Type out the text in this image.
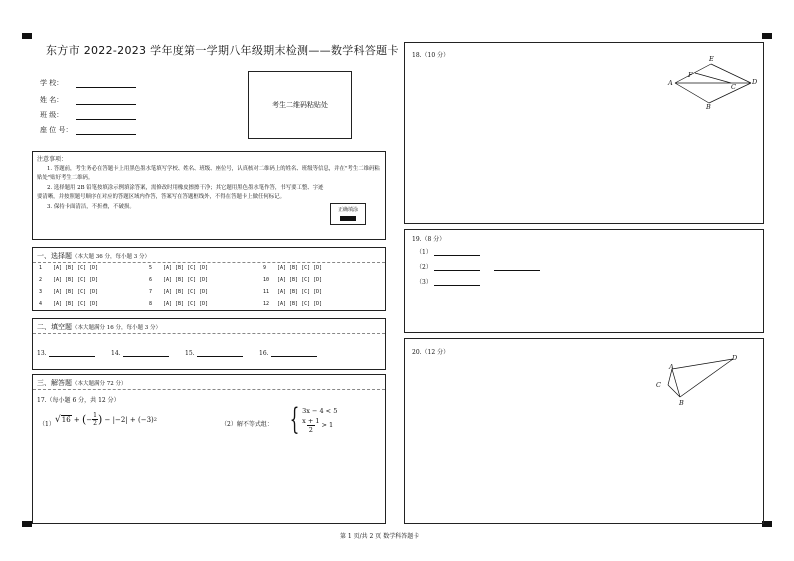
东方市 2022-2023 学年度第一学期八年级期末检测——数学科答题卡
学 校：
姓 名：
班 级：
座 位 号：
考生二维码粘贴处

注意事项：

1. 答题前，考生务必在答题卡上用黑色墨水笔填写学校、姓名、班级、座位号，认真核对二维码上的姓名、班级等信息，并在"考生二维码粘贴处"贴好考生二维码。

2. 选择题用 2B 铅笔按填涂示例填涂答案，需修改时用橡皮擦擦干净；其它题用黑色墨水笔作答，书写要工整、字迹要清晰，并按照题号顺序在对应的答题区域内作答，答案写在答题框线外，不得在答题卡上做任何标记。

3. 保持卡面清洁，不折叠，不破损。

正确填涂
一、选择题（本大题 36 分，每小题 3 分）
1 [A] [B] [C] [D]
2 [A] [B] [C] [D]
3 [A] [B] [C] [D]
4 [A] [B] [C] [D]
5 [A] [B] [C] [D]
6 [A] [B] [C] [D]
7 [A] [B] [C] [D]
8 [A] [B] [C] [D]
9 [A] [B] [C] [D]
10 [A] [B] [C] [D]
11 [A] [B] [C] [D]
12 [A] [B] [C] [D]
二、填空题（本大题满分 16 分，每小题 3 分）
13.	14.	15.	16.
三、解答题（本大题满分 72 分）
17.（每小题 6 分，共 12 分）
（1） √ 16 + ( − $\frac{1}{2}$ ) − | −2 | + (−3) 2
（2）解不等式组： { 3x − 4 < 5
$\frac{x + 1}{2} > 1$
18.（10 分）
A
F
E
D
C
B
19.（8 分）
（1）
（2）
（3）
20.（12 分）
A
D
C
B
第 1 页/共 2 页 数学科答题卡
